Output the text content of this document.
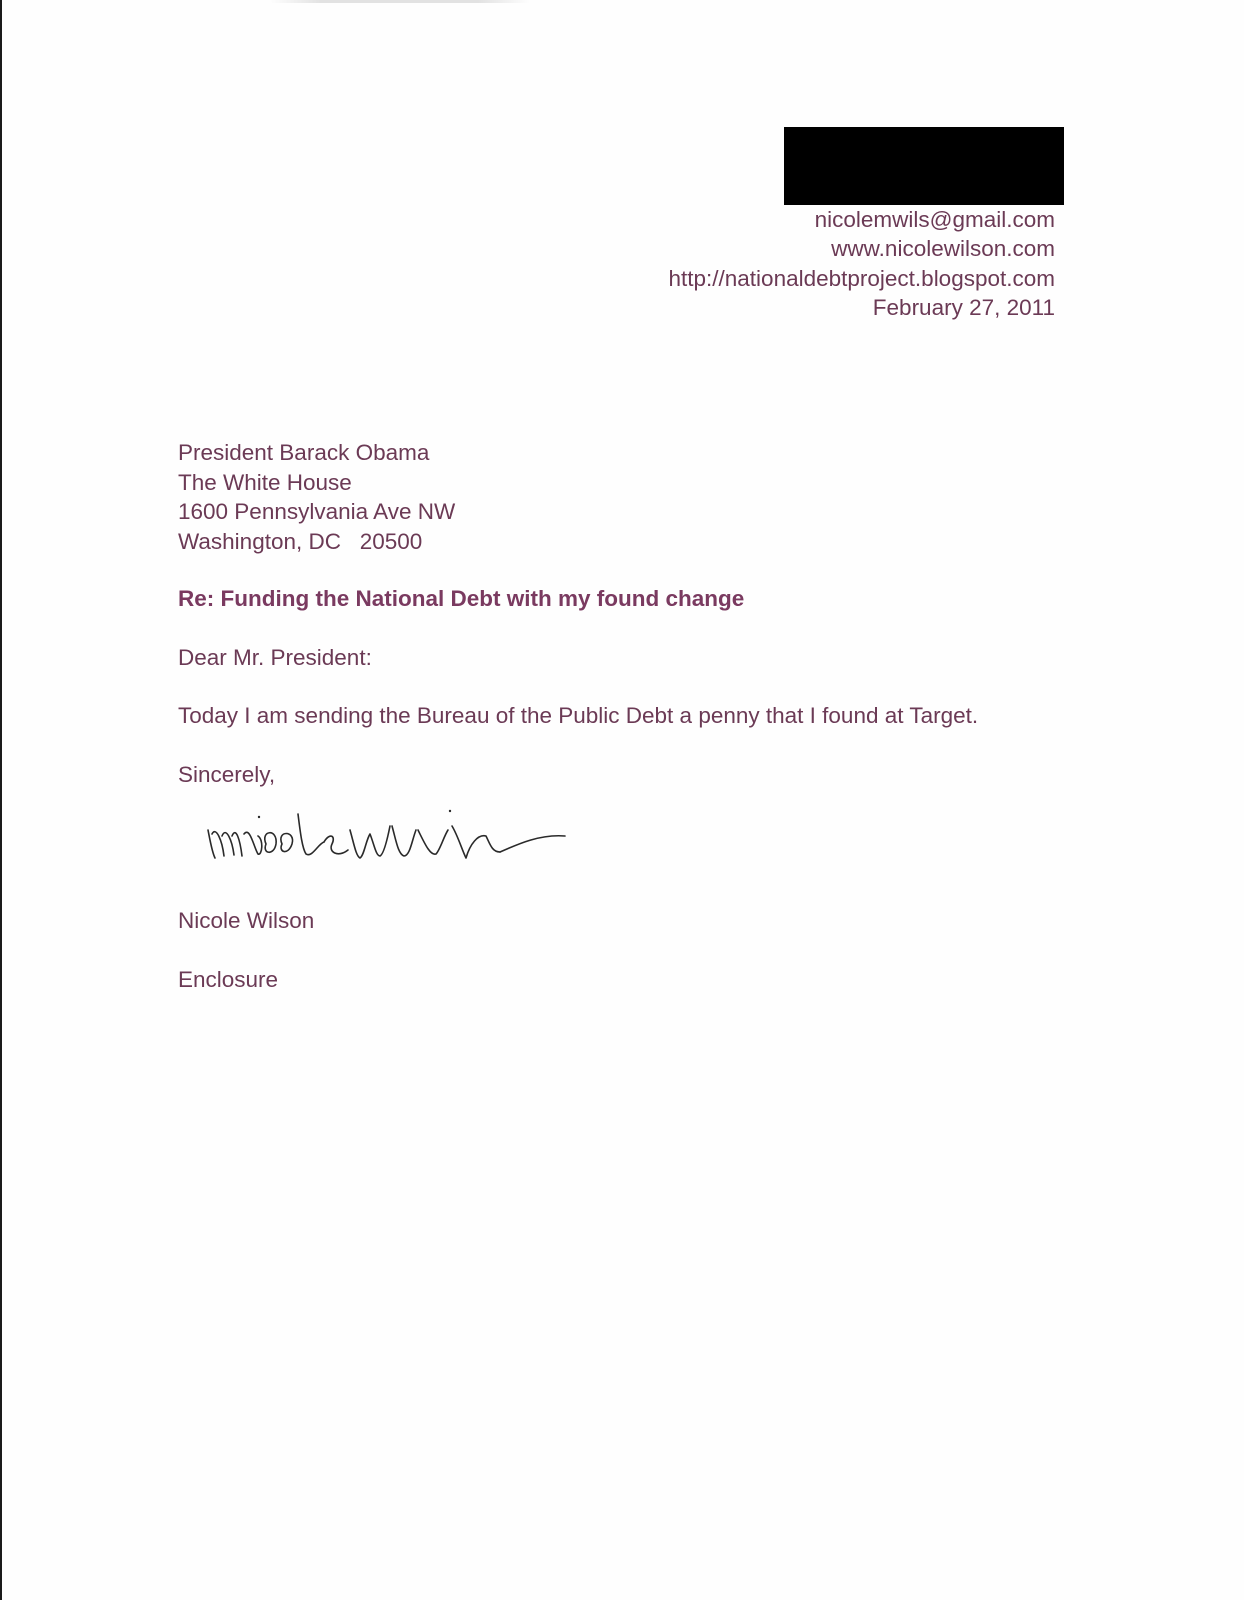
nicolemwils@gmail.com
www.nicolewilson.com
http://nationaldebtproject.blogspot.com
February 27, 2011
President Barack Obama
The White House
1600 Pennsylvania Ave NW
Washington, DC   20500
Re: Funding the National Debt with my found change
Dear Mr. President:
Today I am sending the Bureau of the Public Debt a penny that I found at Target.
Sincerely,
Nicole Wilson
Enclosure
